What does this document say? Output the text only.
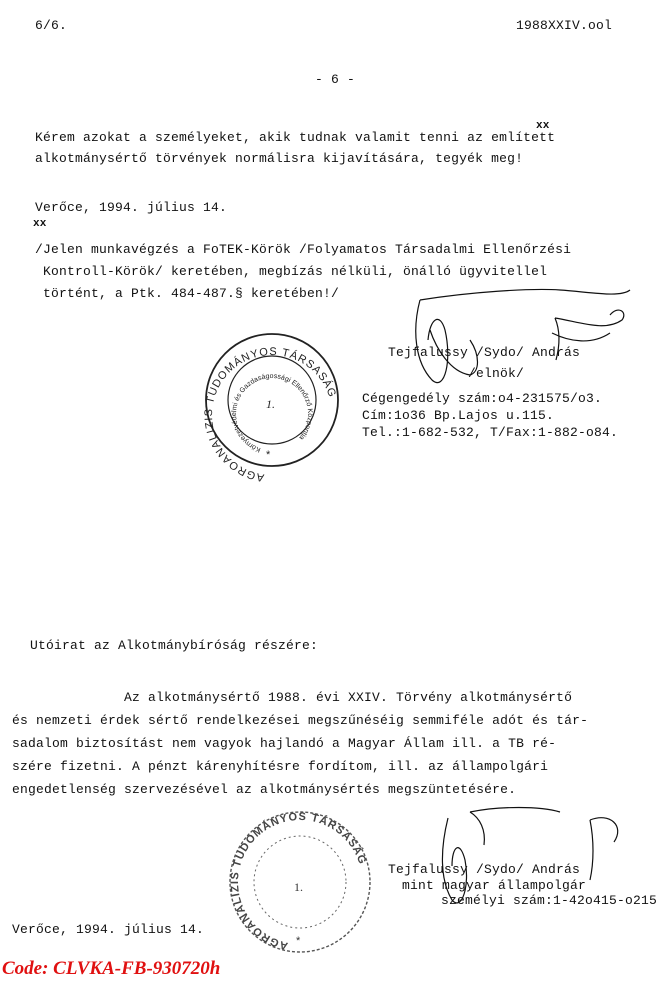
6/6.	1988XXIV.ool
- 6 -
xx
Kérem azokat a személyeket, akik tudnak valamit tenni az említett
alkotmánysértő törvények normálisra kijavítására, tegyék meg!
Verőce, 1994. július 14.
xx
/Jelen munkavégzés a FoTEK-Körök /Folyamatos Társadalmi Ellenőrzési
Kontroll-Körök/ keretében, megbízás nélküli, önálló ügyvitellel
történt, a Ptk. 484-487.§ keretében!/
AGROANALIZIS TUDOMÁNYOS TÁRSASÁG
Környezetvédelmi és Gazdaságossági Ellenőrző Központja
1.
*
Tejfalussy /Sydo/ András
/elnök/
Cégengedély szám:o4-231575/o3.
Cím:1o36 Bp.Lajos u.115.
Tel.:1-682-532, T/Fax:1-882-o84.
Utóirat az Alkotmánybíróság részére:
Az alkotmánysértő 1988. évi XXIV. Törvény alkotmánysértő
és nemzeti érdek sértő rendelkezései megszűnéséig semmiféle adót és tár-
sadalom biztosítást nem vagyok hajlandó a Magyar Állam ill. a TB ré-
szére fizetni. A pénzt kárenyhítésre fordítom, ill. az állampolgári
engedetlenség szervezésével az alkotmánysértés megszüntetésére.
AGROANALIZIS TUDOMÁNYOS TÁRSASÁG
1.
*
Tejfalussy /Sydo/ András
mint magyar állampolgár
személyi szám:1-42o415-o215
Verőce, 1994. július 14.
Code: CLVKA-FB-930720h
